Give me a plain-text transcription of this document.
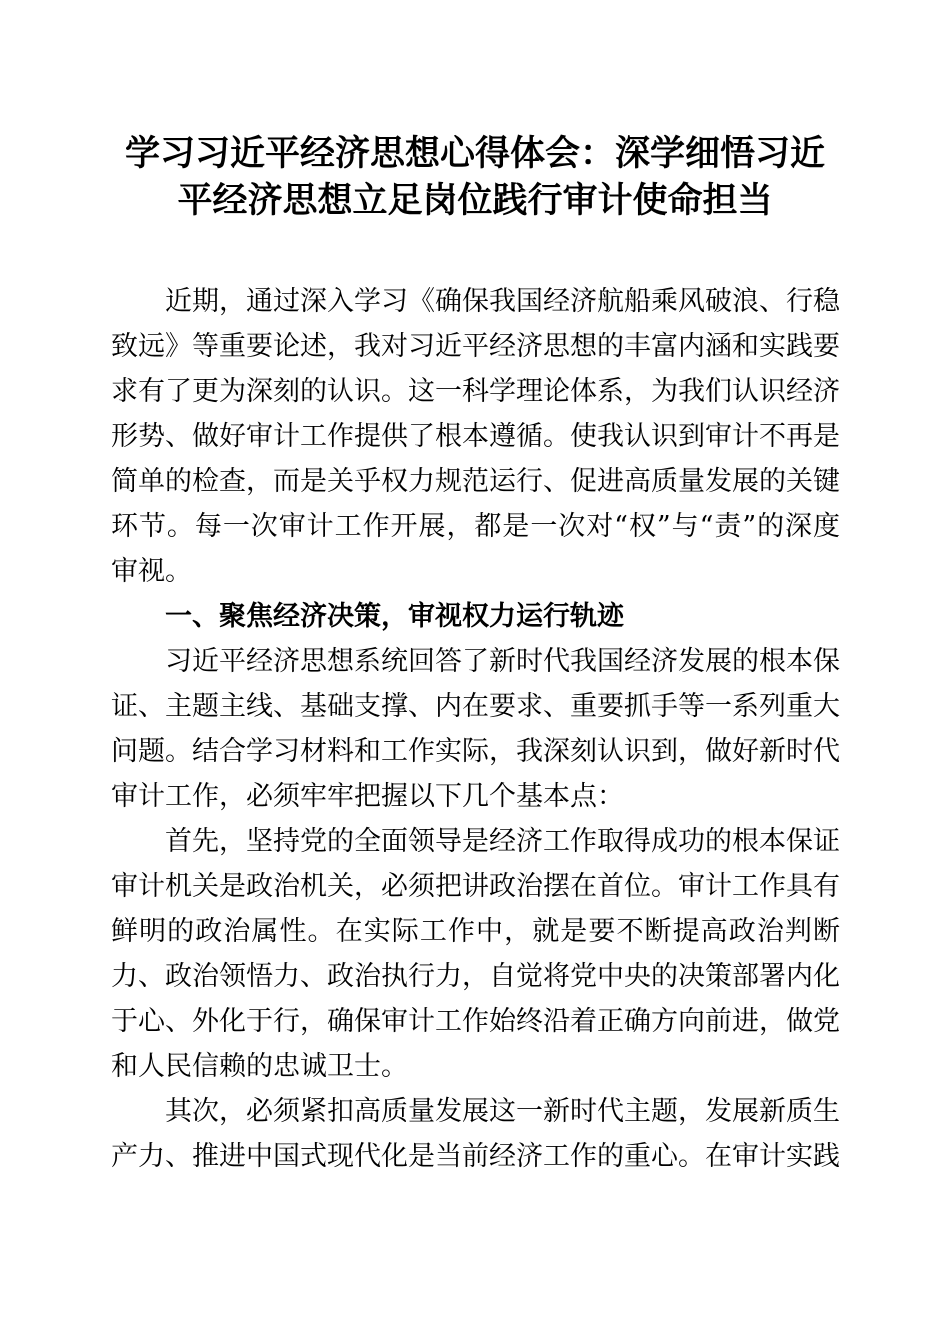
学习习近平经济思想心得体会：深学细悟习近
平经济思想立足岗位践行审计使命担当

近期，通过深入学习《确保我国经济航船乘风破浪、行稳致远》等重要论述，我对习近平经济思想的丰富内涵和实践要求有了更为深刻的认识。这一科学理论体系，为我们认识经济形势、做好审计工作提供了根本遵循。使我认识到审计不再是简单的检查，而是关乎权力规范运行、促进高质量发展的关键环节。每一次审计工作开展，都是一次对“权”与“责”的深度审视。

一、聚焦经济决策，审视权力运行轨迹

习近平经济思想系统回答了新时代我国经济发展的根本保证、主题主线、基础支撑、内在要求、重要抓手等一系列重大问题。结合学习材料和工作实际，我深刻认识到，做好新时代审计工作，必须牢牢把握以下几个基本点：

首先，坚持党的全面领导是经济工作取得成功的根本保证审计机关是政治机关，必须把讲政治摆在首位。审计工作具有鲜明的政治属性。在实际工作中，就是要不断提高政治判断力、政治领悟力、政治执行力，自觉将党中央的决策部署内化于心、外化于行，确保审计工作始终沿着正确方向前进，做党和人民信赖的忠诚卫士。

其次，必须紧扣高质量发展这一新时代主题，发展新质生产力、推进中国式现代化是当前经济工作的重心。在审计实践
